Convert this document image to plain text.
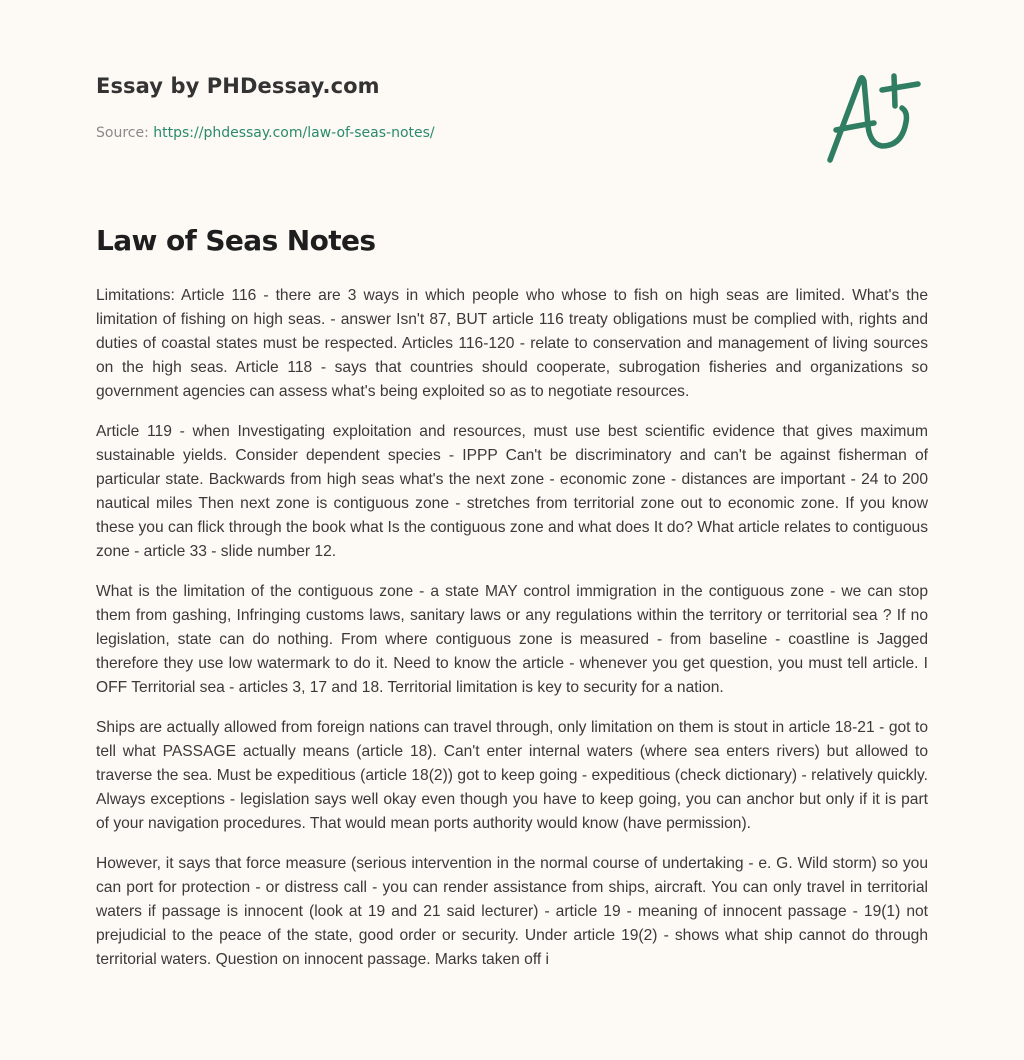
Essay by PHDessay.com
Source: https://phdessay.com/law-of-seas-notes/
Law of Seas Notes

Limitations: Article 116 - there are 3 ways in which people who whose to fish on high seas are limited. What's the limitation of fishing on high seas. - answer Isn't 87, BUT article 116 treaty obligations must be complied with, rights and duties of coastal states must be respected. Articles 116-120 - relate to conservation and management of living sources on the high seas. Article 118 - says that countries should cooperate, subrogation fisheries and organizations so government agencies can assess what's being exploited so as to negotiate resources.

Article 119 - when Investigating exploitation and resources, must use best scientific evidence that gives maximum sustainable yields. Consider dependent species - IPPP Can't be discriminatory and can't be against fisherman of particular state. Backwards from high seas what's the next zone - economic zone - distances are important - 24 to 200 nautical miles Then next zone is contiguous zone - stretches from territorial zone out to economic zone. If you know these you can flick through the book what Is the contiguous zone and what does It do? What article relates to contiguous zone - article 33 - slide number 12.

What is the limitation of the contiguous zone - a state MAY control immigration in the contiguous zone - we can stop them from gashing, Infringing customs laws, sanitary laws or any regulations within the territory or territorial sea ? If no legislation, state can do nothing. From where contiguous zone is measured - from baseline - coastline is Jagged therefore they use low watermark to do it. Need to know the article - whenever you get question, you must tell article. I OFF Territorial sea - articles 3, 17 and 18. Territorial limitation is key to security for a nation.

Ships are actually allowed from foreign nations can travel through, only limitation on them is stout in article 18-21 - got to tell what PASSAGE actually means (article 18). Can't enter internal waters (where sea enters rivers) but allowed to traverse the sea. Must be expeditious (article 18(2)) got to keep going - expeditious (check dictionary) - relatively quickly. Always exceptions - legislation says well okay even though you have to keep going, you can anchor but only if it is part of your navigation procedures. That would mean ports authority would know (have permission).

However, it says that force measure (serious intervention in the normal course of undertaking - e. G. Wild storm) so you can port for protection - or distress call - you can render assistance from ships, aircraft. You can only travel in territorial waters if passage is innocent (look at 19 and 21 said lecturer) - article 19 - meaning of innocent passage - 19(1) not prejudicial to the peace of the state, good order or security. Under article 19(2) - shows what ship cannot do through territorial waters. Question on innocent passage. Marks taken off i
